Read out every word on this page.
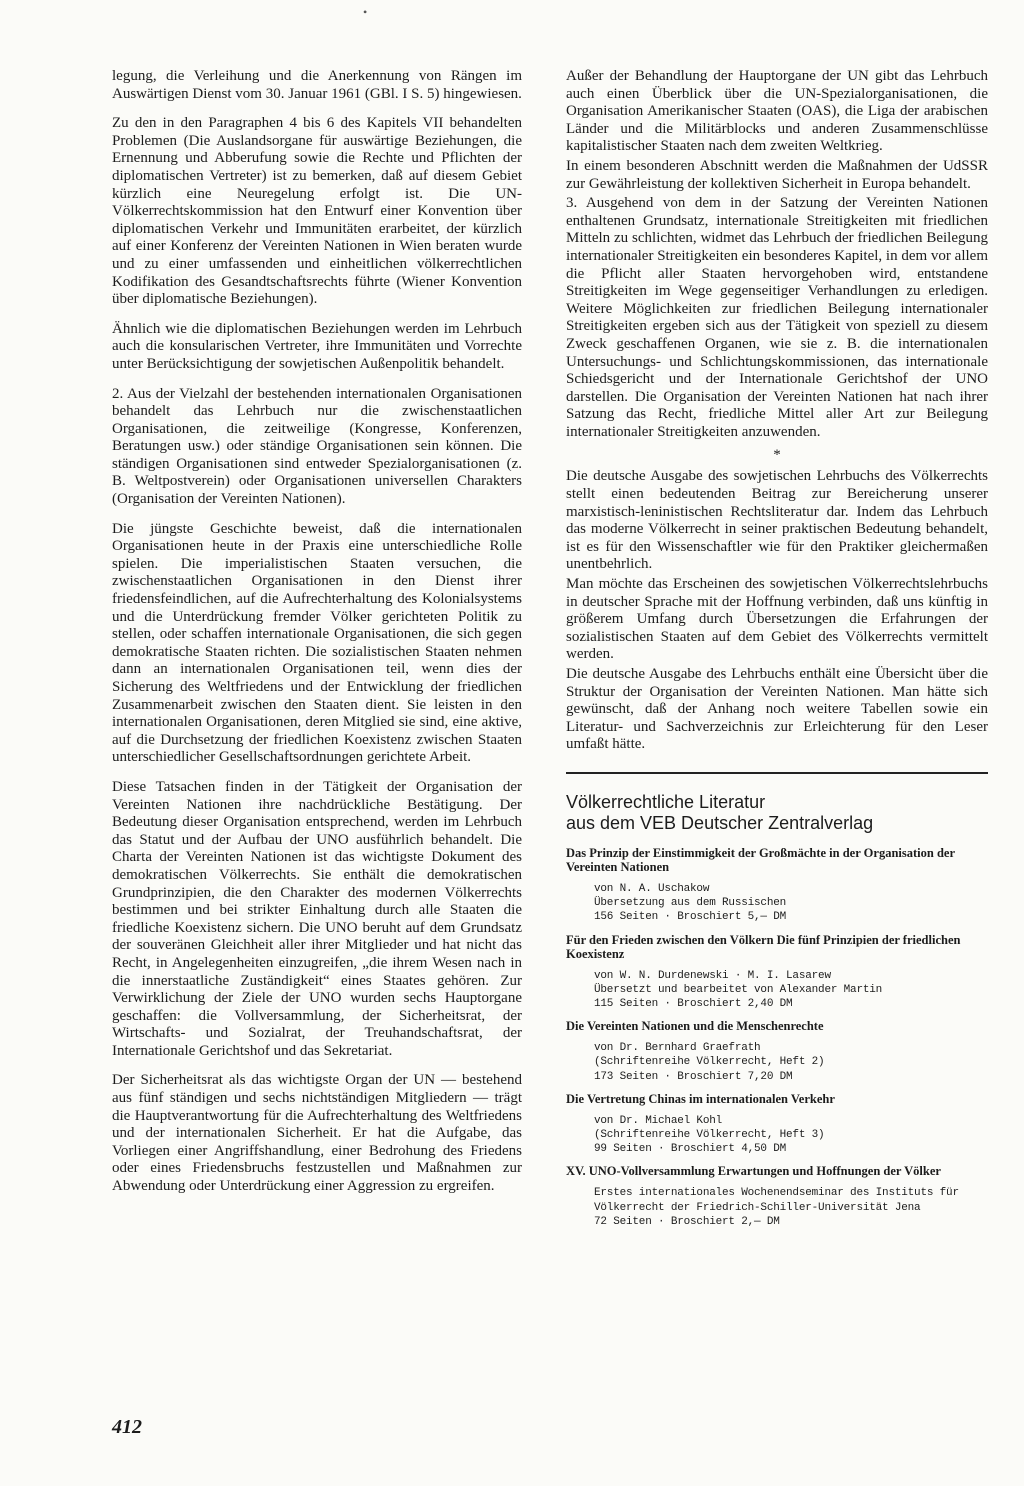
•

legung, die Verleihung und die Anerkennung von Rängen im Auswärtigen Dienst vom 30. Januar 1961 (GBl. I S. 5) hingewiesen.

Zu den in den Paragraphen 4 bis 6 des Kapitels VII behandelten Problemen (Die Auslandsorgane für auswärtige Beziehungen, die Ernennung und Abberufung sowie die Rechte und Pflichten der diplomatischen Vertreter) ist zu bemerken, daß auf diesem Gebiet kürzlich eine Neuregelung erfolgt ist. Die UN-Völkerrechtskommission hat den Entwurf einer Konvention über diplomatischen Verkehr und Immunitäten erarbeitet, der kürzlich auf einer Konferenz der Vereinten Nationen in Wien beraten wurde und zu einer umfassenden und einheitlichen völkerrechtlichen Kodifikation des Gesandtschaftsrechts führte (Wiener Konvention über diplomatische Beziehungen).

Ähnlich wie die diplomatischen Beziehungen werden im Lehrbuch auch die konsularischen Vertreter, ihre Immunitäten und Vorrechte unter Berücksichtigung der sowjetischen Außenpolitik behandelt.

2. Aus der Vielzahl der bestehenden internationalen Organisationen behandelt das Lehrbuch nur die zwischenstaatlichen Organisationen, die zeitweilige (Kongresse, Konferenzen, Beratungen usw.) oder ständige Organisationen sein können. Die ständigen Organisationen sind entweder Spezialorganisationen (z. B. Weltpostverein) oder Organisationen universellen Charakters (Organisation der Vereinten Nationen).

Die jüngste Geschichte beweist, daß die internationalen Organisationen heute in der Praxis eine unterschiedliche Rolle spielen. Die imperialistischen Staaten versuchen, die zwischenstaatlichen Organisationen in den Dienst ihrer friedensfeindlichen, auf die Aufrechterhaltung des Kolonialsystems und die Unterdrückung fremder Völker gerichteten Politik zu stellen, oder schaffen internationale Organisationen, die sich gegen demokratische Staaten richten. Die sozialistischen Staaten nehmen dann an internationalen Organisationen teil, wenn dies der Sicherung des Weltfriedens und der Entwicklung der friedlichen Zusammenarbeit zwischen den Staaten dient. Sie leisten in den internationalen Organisationen, deren Mitglied sie sind, eine aktive, auf die Durchsetzung der friedlichen Koexistenz zwischen Staaten unterschiedlicher Gesellschaftsordnungen gerichtete Arbeit.

Diese Tatsachen finden in der Tätigkeit der Organisation der Vereinten Nationen ihre nachdrückliche Bestätigung. Der Bedeutung dieser Organisation entsprechend, werden im Lehrbuch das Statut und der Aufbau der UNO ausführlich behandelt. Die Charta der Vereinten Nationen ist das wichtigste Dokument des demokratischen Völkerrechts. Sie enthält die demokratischen Grundprinzipien, die den Charakter des modernen Völkerrechts bestimmen und bei strikter Einhaltung durch alle Staaten die friedliche Koexistenz sichern. Die UNO beruht auf dem Grundsatz der souveränen Gleichheit aller ihrer Mitglieder und hat nicht das Recht, in Angelegenheiten einzugreifen, „die ihrem Wesen nach in die innerstaatliche Zuständigkeit“ eines Staates gehören. Zur Verwirklichung der Ziele der UNO wurden sechs Hauptorgane geschaffen: die Vollversammlung, der Sicherheitsrat, der Wirtschafts- und Sozialrat, der Treuhandschaftsrat, der Internationale Gerichtshof und das Sekretariat.

Der Sicherheitsrat als das wichtigste Organ der UN — bestehend aus fünf ständigen und sechs nichtständigen Mitgliedern — trägt die Hauptverantwortung für die Aufrechterhaltung des Weltfriedens und der internationalen Sicherheit. Er hat die Aufgabe, das Vorliegen einer Angriffshandlung, einer Bedrohung des Friedens oder eines Friedensbruchs festzustellen und Maßnahmen zur Abwendung oder Unterdrückung einer Aggression zu ergreifen.

Außer der Behandlung der Hauptorgane der UN gibt das Lehrbuch auch einen Überblick über die UN-Spezialorganisationen, die Organisation Amerikanischer Staaten (OAS), die Liga der arabischen Länder und die Militärblocks und anderen Zusammenschlüsse kapitalistischer Staaten nach dem zweiten Weltkrieg.

In einem besonderen Abschnitt werden die Maßnahmen der UdSSR zur Gewährleistung der kollektiven Sicherheit in Europa behandelt.

3. Ausgehend von dem in der Satzung der Vereinten Nationen enthaltenen Grundsatz, internationale Streitigkeiten mit friedlichen Mitteln zu schlichten, widmet das Lehrbuch der friedlichen Beilegung internationaler Streitigkeiten ein besonderes Kapitel, in dem vor allem die Pflicht aller Staaten hervorgehoben wird, entstandene Streitigkeiten im Wege gegenseitiger Verhandlungen zu erledigen. Weitere Möglichkeiten zur friedlichen Beilegung internationaler Streitigkeiten ergeben sich aus der Tätigkeit von speziell zu diesem Zweck geschaffenen Organen, wie sie z. B. die internationalen Untersuchungs- und Schlichtungskommissionen, das internationale Schiedsgericht und der Internationale Gerichtshof der UNO darstellen. Die Organisation der Vereinten Nationen hat nach ihrer Satzung das Recht, friedliche Mittel aller Art zur Beilegung internationaler Streitigkeiten anzuwenden.

*

Die deutsche Ausgabe des sowjetischen Lehrbuchs des Völkerrechts stellt einen bedeutenden Beitrag zur Bereicherung unserer marxistisch-leninistischen Rechtsliteratur dar. Indem das Lehrbuch das moderne Völkerrecht in seiner praktischen Bedeutung behandelt, ist es für den Wissenschaftler wie für den Praktiker gleichermaßen unentbehrlich.

Man möchte das Erscheinen des sowjetischen Völkerrechtslehrbuchs in deutscher Sprache mit der Hoffnung verbinden, daß uns künftig in größerem Umfang durch Übersetzungen die Erfahrungen der sozialistischen Staaten auf dem Gebiet des Völkerrechts vermittelt werden.

Die deutsche Ausgabe des Lehrbuchs enthält eine Übersicht über die Struktur der Organisation der Vereinten Nationen. Man hätte sich gewünscht, daß der Anhang noch weitere Tabellen sowie ein Literatur- und Sachverzeichnis zur Erleichterung für den Leser umfaßt hätte.

Völkerrechtliche Literatur
aus dem VEB Deutscher Zentralverlag
Das Prinzip der Einstimmigkeit der Großmächte in der Organisation der Vereinten Nationen
von N. A. Uschakow
Übersetzung aus dem Russischen
156 Seiten · Broschiert 5,— DM
Für den Frieden zwischen den Völkern Die fünf Prinzipien der friedlichen Koexistenz
von W. N. Durdenewski · M. I. Lasarew
Übersetzt und bearbeitet von Alexander Martin
115 Seiten · Broschiert 2,40 DM
Die Vereinten Nationen und die Menschenrechte
von Dr. Bernhard Graefrath
(Schriftenreihe Völkerrecht, Heft 2)
173 Seiten · Broschiert 7,20 DM
Die Vertretung Chinas im internationalen Verkehr
von Dr. Michael Kohl
(Schriftenreihe Völkerrecht, Heft 3)
99 Seiten · Broschiert 4,50 DM
XV. UNO-Vollversammlung Erwartungen und Hoffnungen der Völker
Erstes internationales Wochenendseminar des Instituts für Völkerrecht der Friedrich-Schiller-Universität Jena
72 Seiten · Broschiert 2,— DM
412
